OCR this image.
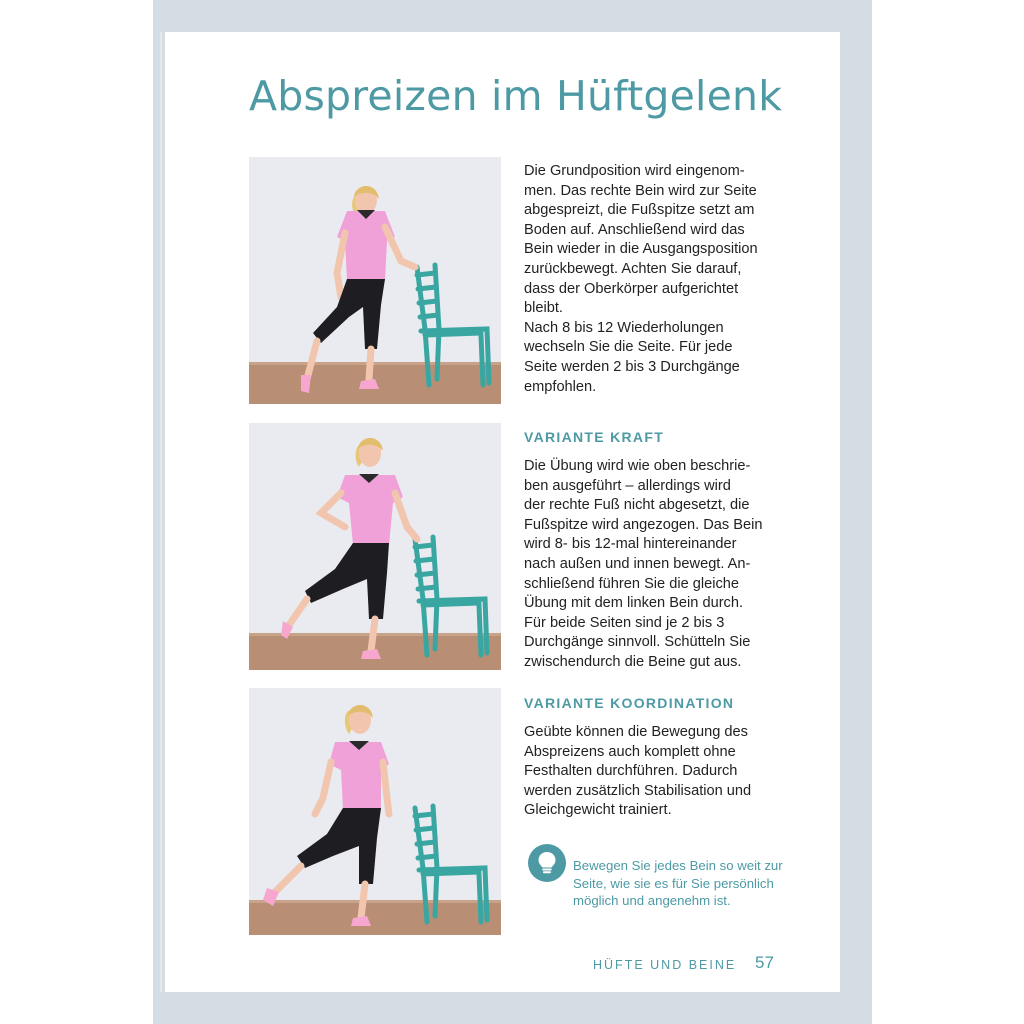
Abspreizen im Hüftgelenk

Die Grundposition wird eingenom-

men. Das rechte Bein wird zur Seite

abgespreizt, die Fußspitze setzt am

Boden auf. Anschließend wird das

Bein wieder in die Ausgangsposition

zurückbewegt. Achten Sie darauf,

dass der Oberkörper aufgerichtet

bleibt.

Nach 8 bis 12 Wiederholungen

wechseln Sie die Seite. Für jede

Seite werden 2 bis 3 Durchgänge

empfohlen.

VARIANTE KRAFT

Die Übung wird wie oben beschrie-

ben ausgeführt – allerdings wird

der rechte Fuß nicht abgesetzt, die

Fußspitze wird angezogen. Das Bein

wird 8- bis 12-mal hintereinander

nach außen und innen bewegt. An-

schließend führen Sie die gleiche

Übung mit dem linken Bein durch.

Für beide Seiten sind je 2 bis 3

Durchgänge sinnvoll. Schütteln Sie

zwischendurch die Beine gut aus.

VARIANTE KOORDINATION

Geübte können die Bewegung des

Abspreizens auch komplett ohne

Festhalten durchführen. Dadurch

werden zusätzlich Stabilisation und

Gleichgewicht trainiert.

Bewegen Sie jedes Bein so weit zur
Seite, wie sie es für Sie persönlich
möglich und angenehm ist.
HÜFTE UND BEINE 57
